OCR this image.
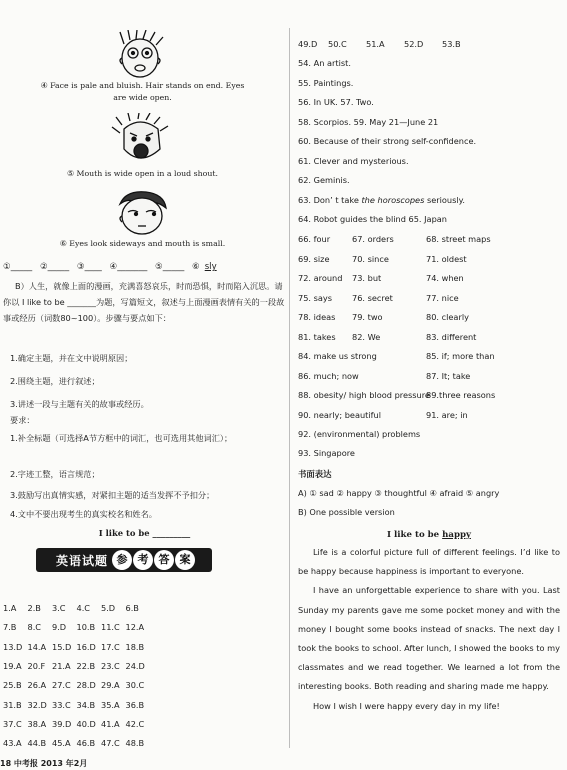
④ Face is pale and bluish. Hair stands on end. Eyes are wide open.
⑤ Mouth is wide open in a loud shout.
⑥ Eyes look sideways and mouth is small.
①_____ ②_____ ③____ ④_______ ⑤_____ ⑥ sly
B）人生，就像上面的漫画，充满喜怒哀乐，时而恐惧，时而陷入沉思。请你以 I like to be _______为题，写篇短文，叙述与上面漫画表情有关的一段故事或经历（词数80~100）。步骤与要点如下：
1.确定主题，并在文中说明原因；
2.围绕主题，进行叙述；
3.讲述一段与主题有关的故事或经历。
要求：
1.补全标题（可选择A节方框中的词汇，也可选用其他词汇）；
2.字迹工整，语言规范；
3.鼓励写出真情实感，对紧扣主题的适当发挥不予扣分；
4.文中不要出现考生的真实校名和姓名。
I like to be _________
英语试题 参 考 答 案
1.A	2.B	3.C	4.C	5.D	6.B
7.B	8.C	9.D	10.B 11.C 12.A
13.D 14.A 15.D 16.D 17.C 18.B
19.A 20.F 21.A 22.B 23.C 24.D
25.B 26.A 27.C 28.D 29.A 30.C
31.B 32.D 33.C 34.B 35.A 36.B
37.C 38.A 39.D 40.D 41.A 42.C
43.A 44.B 45.A 46.B 47.C 48.B
18 中考报 2013 年2月
49.D 50.C 51.A 52.D 53.B
54. An artist.
55. Paintings.
56. In UK. 57. Two.
58. Scorpios. 59. May 21—June 21
60. Because of their strong self-confidence.
61. Clever and mysterious.
62. Geminis.
63. Don’ t take the horoscopes seriously.
64. Robot guides the blind 65. Japan
66. four	67. orders	68. street maps
69. size	70. since	71. oldest
72. around 73. but	74. when
75. says 76. secret	77. nice
78. ideas 79. two	80. clearly
81. takes 82. We	83. different
84. make us strong	85. if; more than
86. much; now	87. It; take
88. obesity/ high blood pressure89.three reasons
90. nearly; beautiful	91. are; in
92. (environmental) problems
93. Singapore
书面表达
A) ① sad ② happy ③ thoughtful ④ afraid ⑤ angry
B) One possible version
I like to be happy

Life is a colorful picture full of different feelings. I’d like to be happy because happiness is important to everyone.

I have an unforgettable experience to share with you. Last Sunday my parents gave me some pocket money and with the money I bought some books instead of snacks. The next day I took the books to school. After lunch, I showed the books to my classmates and we read together. We learned a lot from the interesting books. Both reading and sharing made me happy.

How I wish I were happy every day in my life!
